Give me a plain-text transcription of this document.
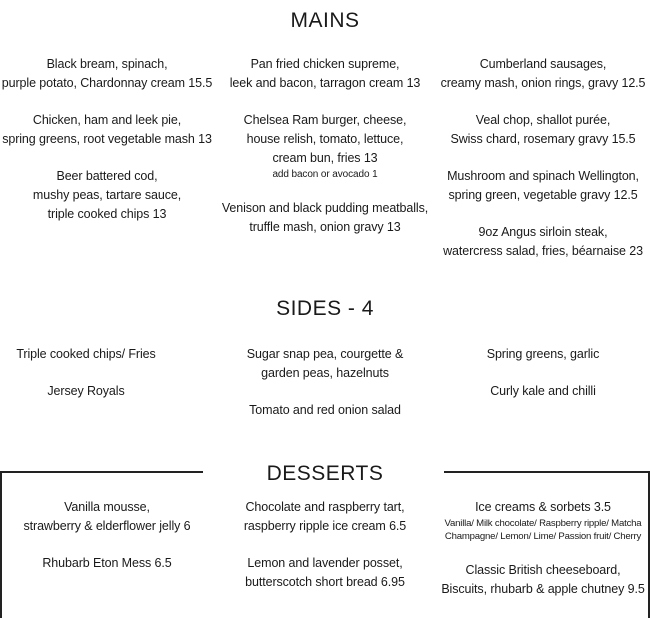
MAINS
Black bream, spinach,
purple potato, Chardonnay cream 15.5
Chicken, ham and leek pie,
spring greens, root vegetable mash 13
Beer battered cod,
mushy peas, tartare sauce,
triple cooked chips 13
Pan fried chicken supreme,
leek and bacon, tarragon cream 13
Chelsea Ram burger, cheese,
house relish, tomato, lettuce,
cream bun, fries 13
add bacon or avocado 1
Venison and black pudding meatballs,
truffle mash, onion gravy 13
Cumberland sausages,
creamy mash, onion rings, gravy 12.5
Veal chop, shallot purée,
Swiss chard, rosemary gravy 15.5
Mushroom and spinach Wellington,
spring green, vegetable gravy 12.5
9oz Angus sirloin steak,
watercress salad, fries, béarnaise 23
SIDES - 4
Triple cooked chips/ Fries
Jersey Royals
Sugar snap pea, courgette &
garden peas, hazelnuts
Tomato and red onion salad
Spring greens, garlic
Curly kale and chilli
DESSERTS
Vanilla mousse,
strawberry & elderflower jelly 6
Rhubarb Eton Mess 6.5
Chocolate and raspberry tart,
raspberry ripple ice cream 6.5
Lemon and lavender posset,
butterscotch short bread 6.95
Ice creams & sorbets 3.5
Vanilla/ Milk chocolate/ Raspberry ripple/ Matcha
Champagne/ Lemon/ Lime/ Passion fruit/ Cherry
Classic British cheeseboard,
Biscuits, rhubarb & apple chutney 9.5
